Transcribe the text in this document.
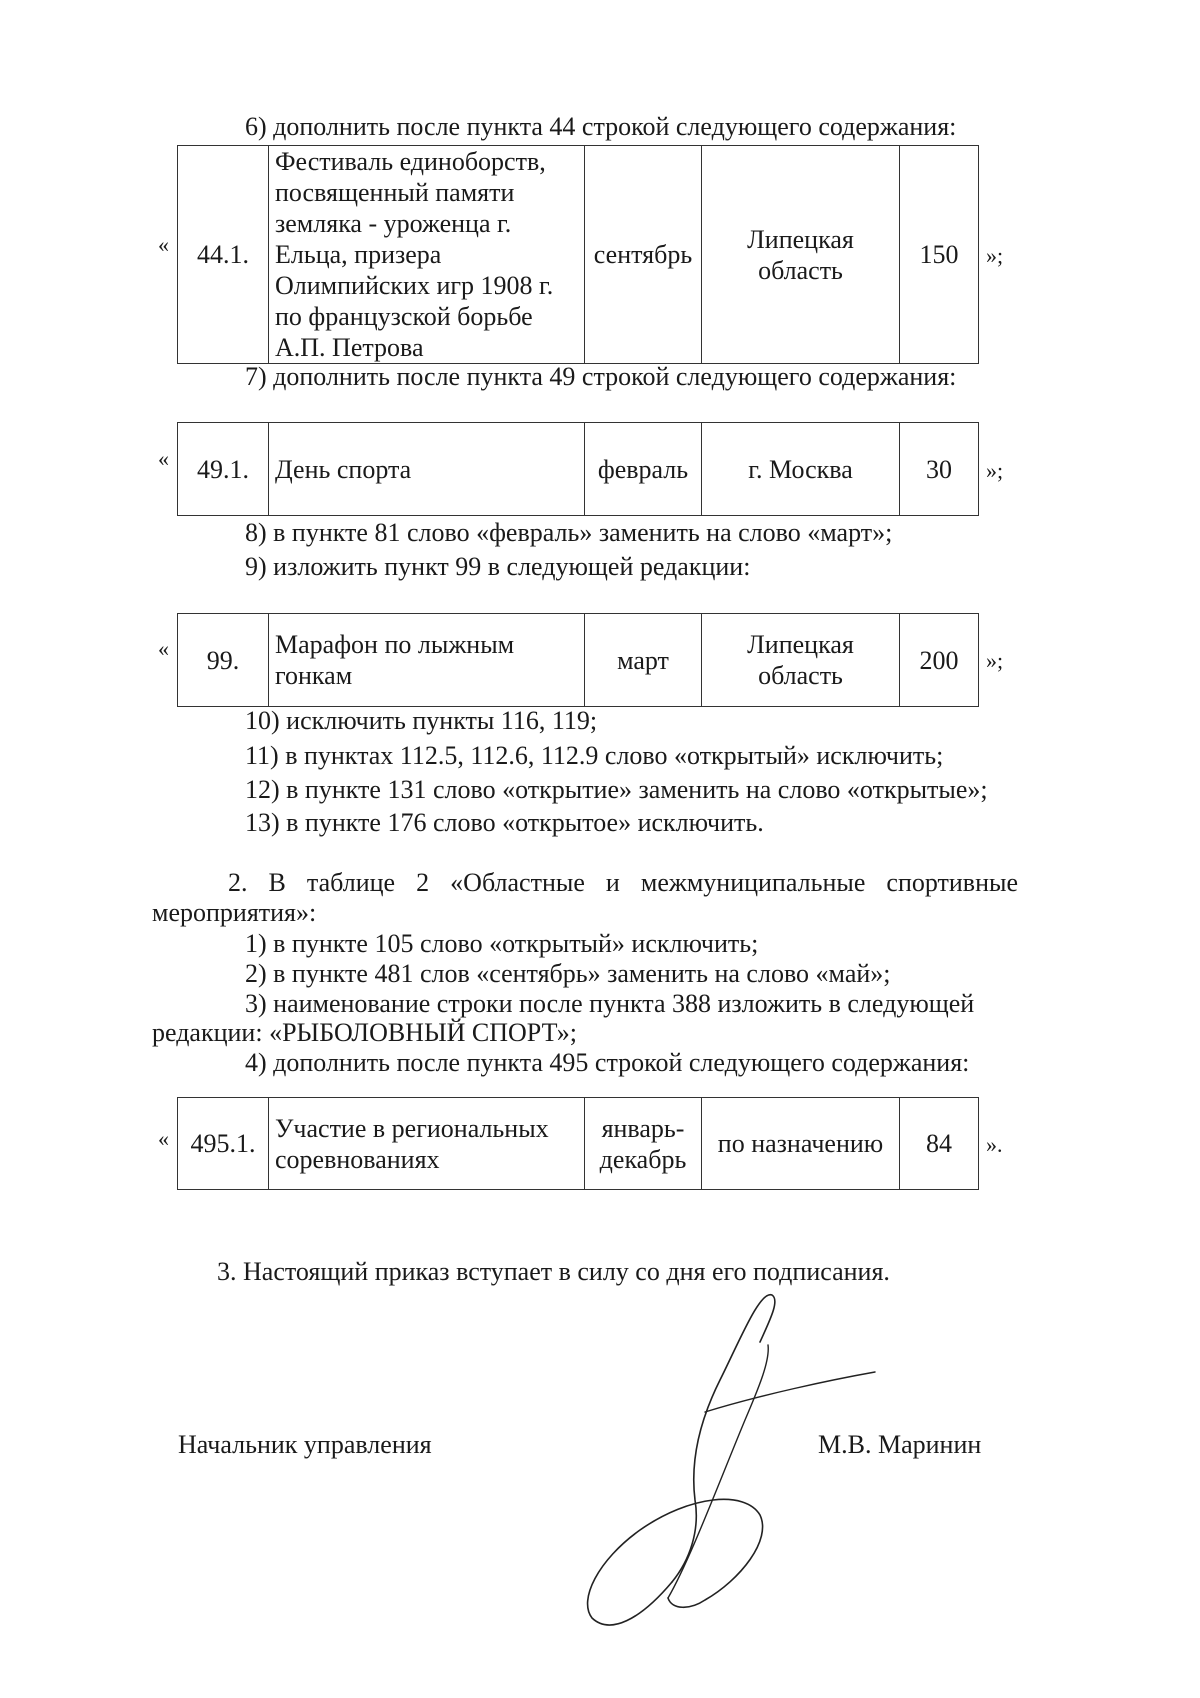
6) дополнить после пункта 44 строкой следующего содержания:
« 44.1.	Фестиваль единоборств,
посвященный памяти
земляка - уроженца г.
Ельца, призера
Олимпийских игр 1908 г.
по французской борьбе
А.П. Петрова	сентябрь	Липецкая
область	150 »;
7) дополнить после пункта 49 строкой следующего содержания:
« 49.1.	День спорта	февраль	г. Москва	30 »;
8) в пункте 81 слово «февраль» заменить на слово «март»;
9) изложить пункт 99 в следующей редакции:
« 99.	Марафон по лыжным
гонкам	март	Липецкая
область	200 »;
10) исключить пункты 116, 119;
11) в пунктах 112.5, 112.6, 112.9 слово «открытый» исключить;
12) в пункте 131 слово «открытие» заменить на слово «открытые»;
13) в пункте 176 слово «открытое» исключить.
2. В таблице 2 «Областные и межмуниципальные спортивные
мероприятия»:
1) в пункте 105 слово «открытый» исключить;
2) в пункте 481 слов «сентябрь» заменить на слово «май»;
3) наименование строки после пункта 388 изложить в следующей
редакции: «РЫБОЛОВНЫЙ СПОРТ»;
4) дополнить после пункта 495 строкой следующего содержания:
« 495.1.	Участие в региональных
соревнованиях	январь-
декабрь	по назначению	84 ».
3. Настоящий приказ вступает в силу со дня его подписания.
Начальник управления	М.В. Маринин
